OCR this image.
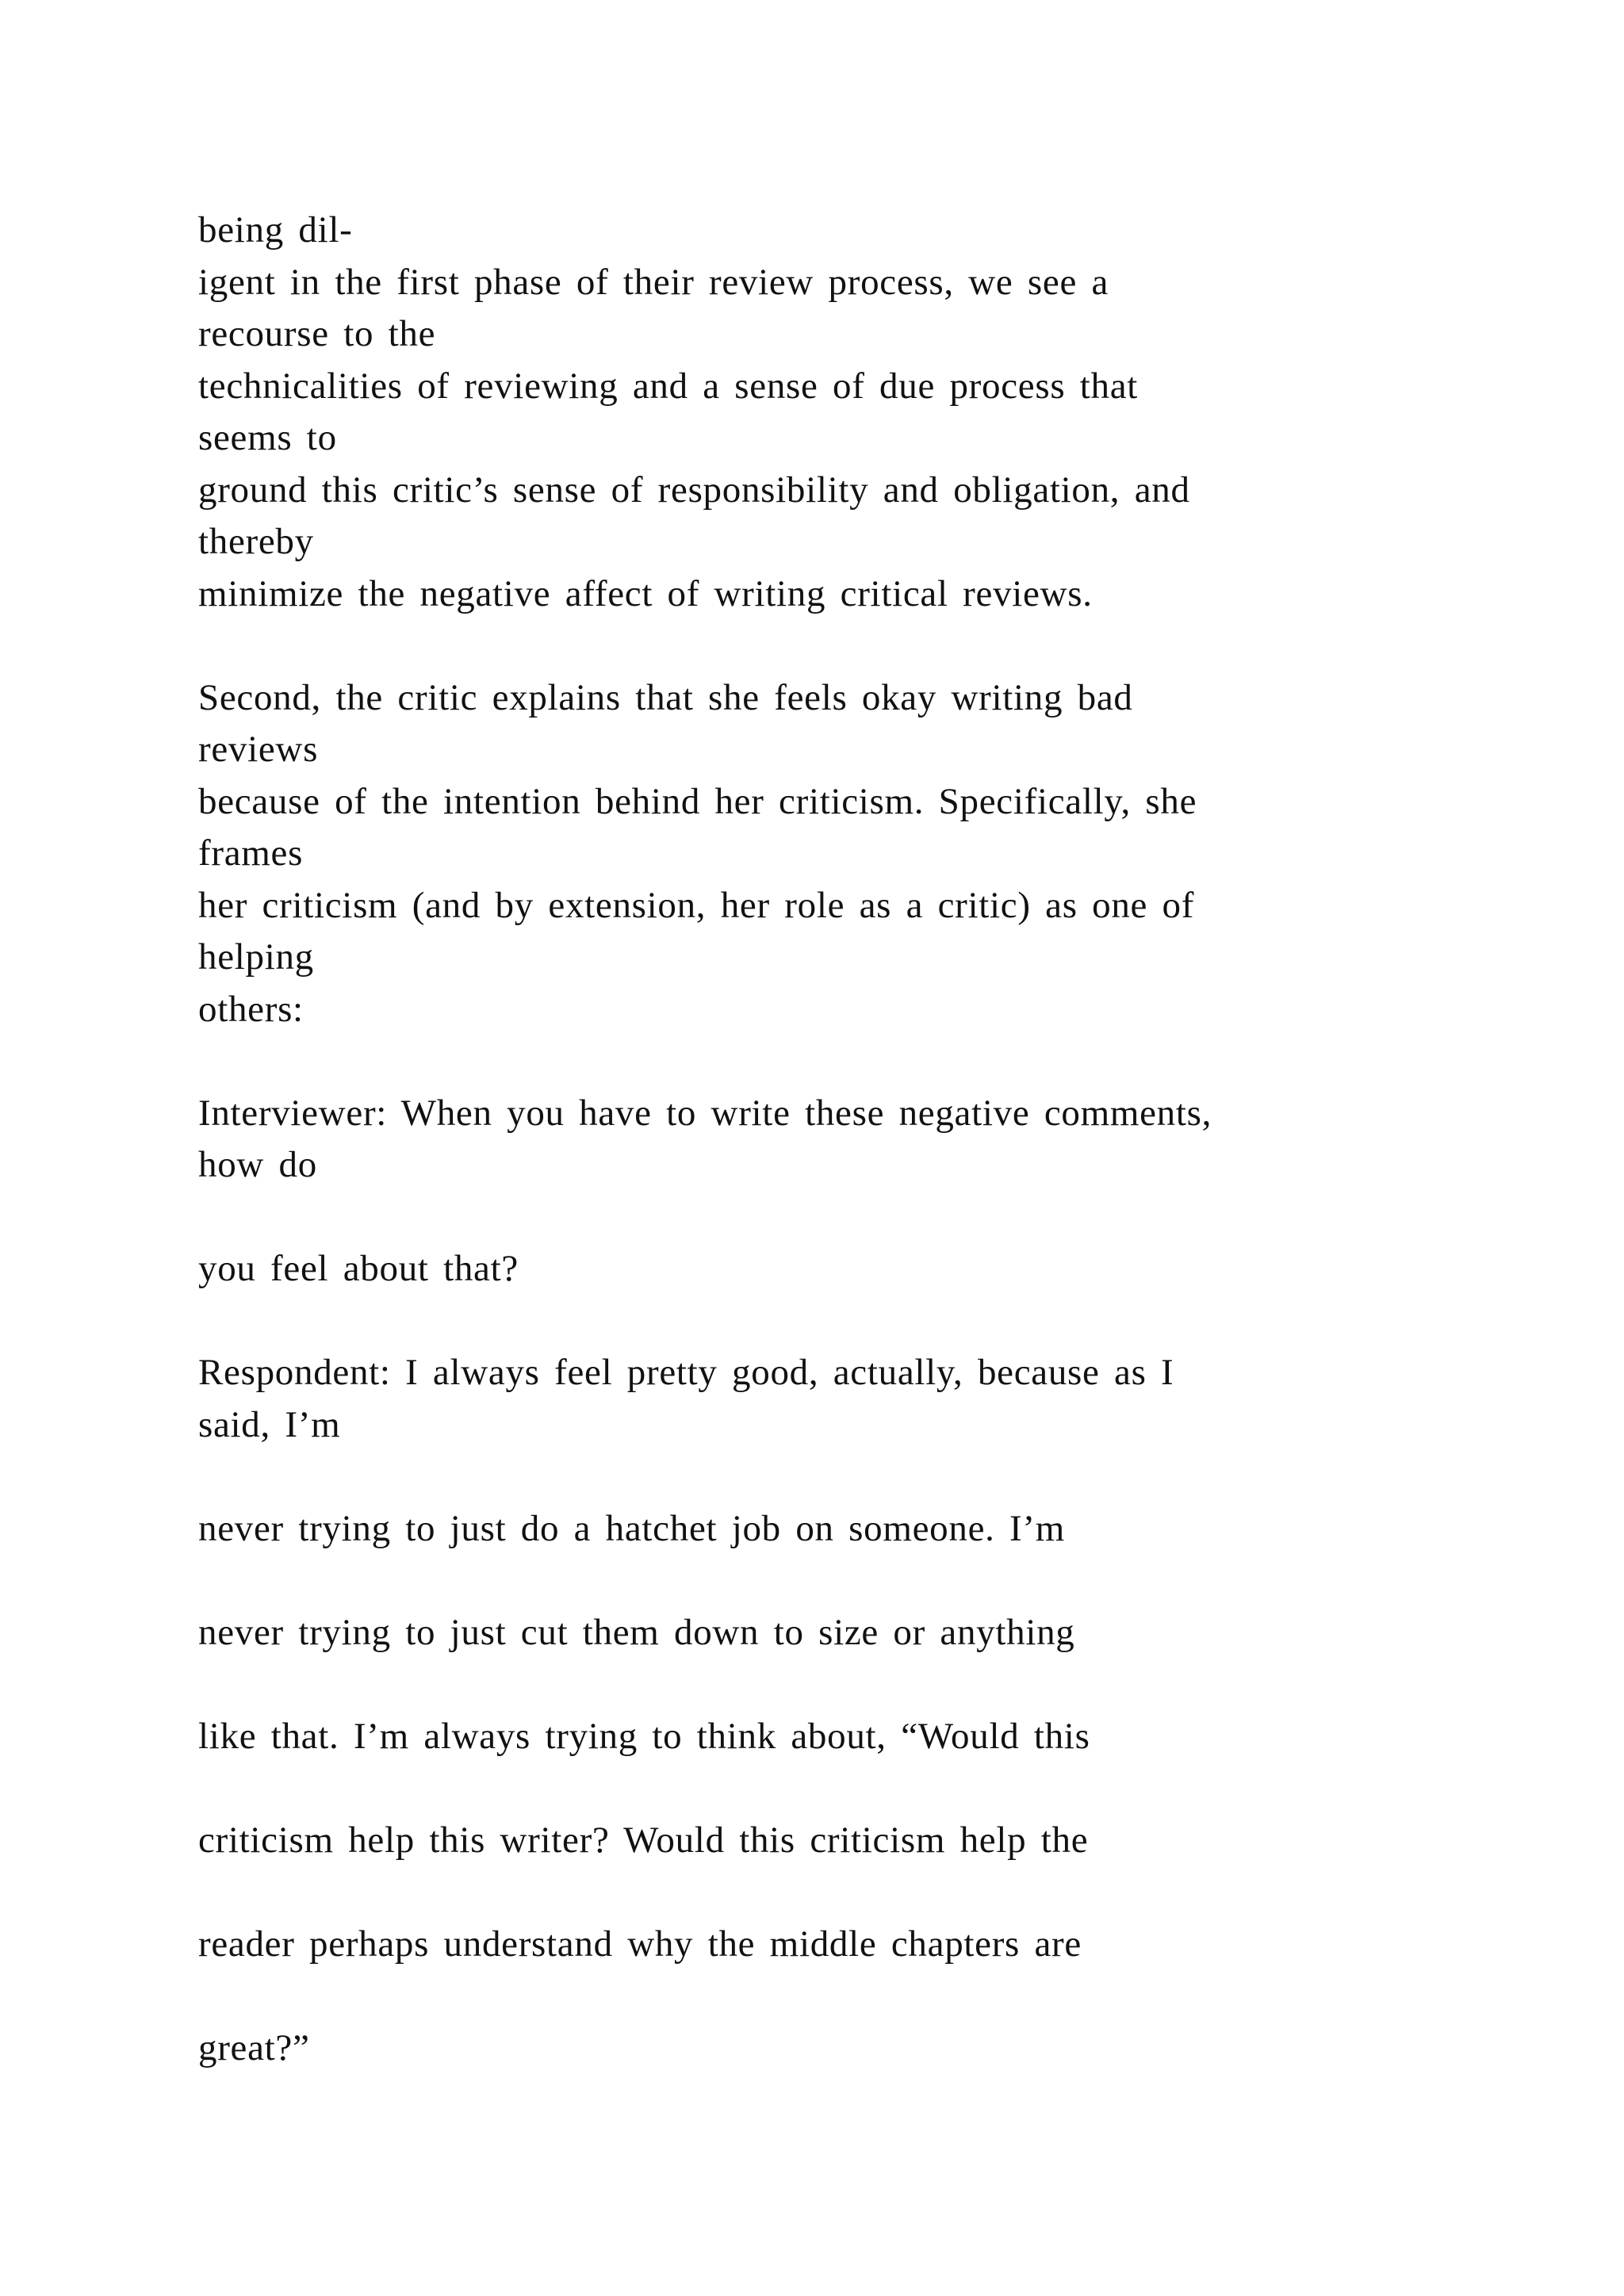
being dil-
igent in the first phase of their review process, we see a
recourse to the
technicalities of reviewing and a sense of due process that
seems to
ground this critic’s sense of responsibility and obligation, and
thereby
minimize the negative affect of writing critical reviews.
Second, the critic explains that she feels okay writing bad
reviews
because of the intention behind her criticism. Specifically, she
frames
her criticism (and by extension, her role as a critic) as one of
helping
others:
Interviewer: When you have to write these negative comments,
how do
you feel about that?
Respondent: I always feel pretty good, actually, because as I
said, I’m
never trying to just do a hatchet job on someone. I’m
never trying to just cut them down to size or anything
like that. I’m always trying to think about, “Would this
criticism help this writer? Would this criticism help the
reader perhaps understand why the middle chapters are
great?”
